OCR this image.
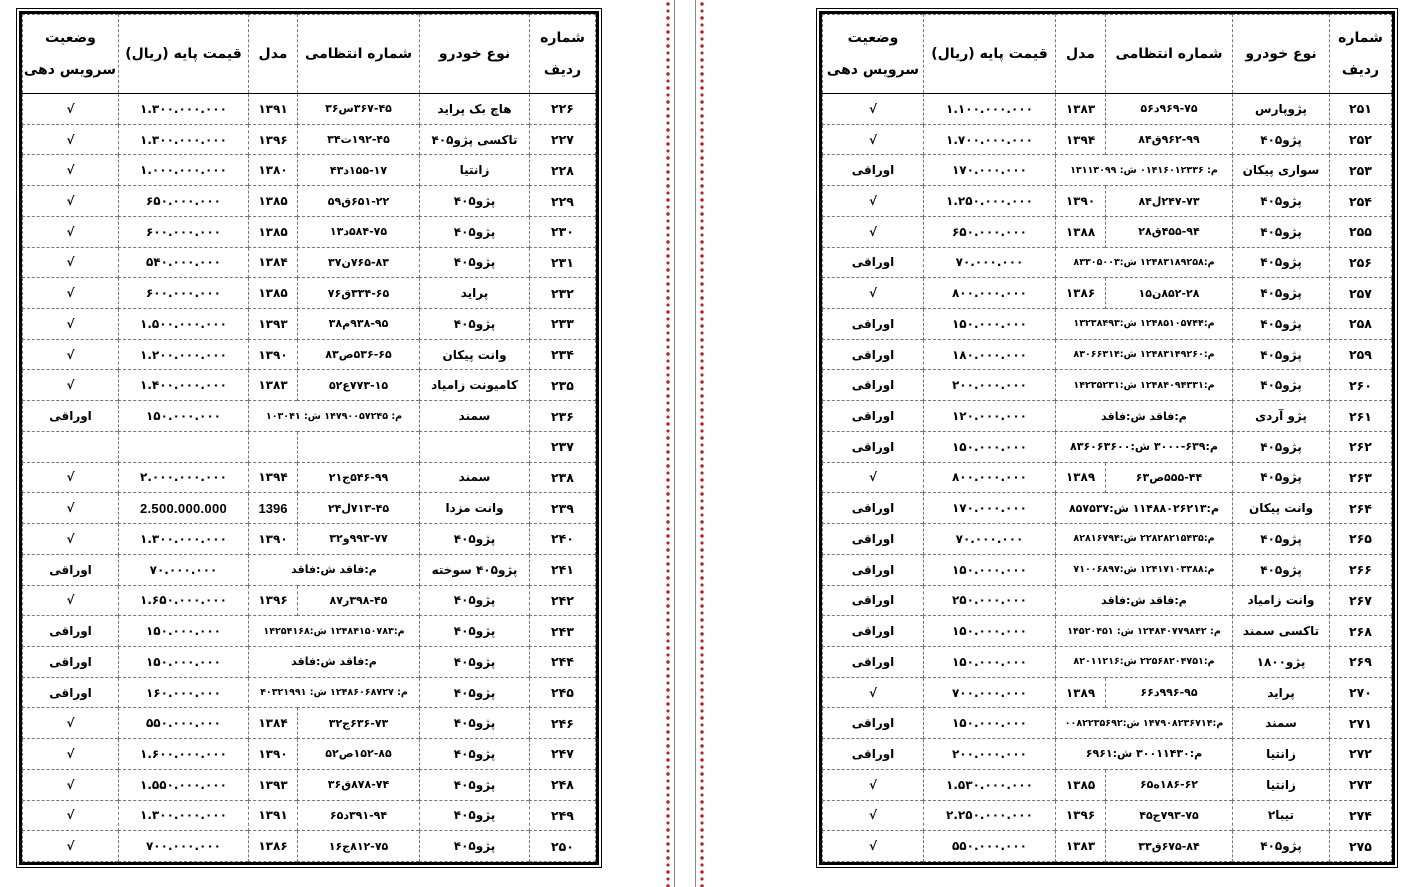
شماره
ردیف	نوع خودرو	شماره انتظامی	مدل	قیمت پایه (ریال)	وضعیت
سرویس دهی

۲۲۶	هاچ بک پراید	۳۶۷-۴۵س۳۶	۱۳۹۱	۱.۳۰۰.۰۰۰.۰۰۰	√
۲۲۷	تاکسی پژو۴۰۵	۱۹۲-۴۵ت۳۴	۱۳۹۶	۱.۳۰۰.۰۰۰.۰۰۰	√
۲۲۸	زانتیا	۱۵۵-۱۷د۴۳	۱۳۸۰	۱.۰۰۰.۰۰۰.۰۰۰	√
۲۲۹	پژو۴۰۵	۶۵۱-۲۲ق۵۹	۱۳۸۵	۶۵۰.۰۰۰.۰۰۰	√
۲۳۰	پژو۴۰۵	۵۸۴-۷۵د۱۳	۱۳۸۵	۶۰۰.۰۰۰.۰۰۰	√
۲۳۱	پژو۴۰۵	۷۶۵-۸۳ن۳۷	۱۳۸۴	۵۴۰.۰۰۰.۰۰۰	√
۲۳۲	پراید	۳۳۴-۶۵ق۷۶	۱۳۸۵	۶۰۰.۰۰۰.۰۰۰	√
۲۳۳	پژو۴۰۵	۹۳۸-۹۵م۳۸	۱۳۹۳	۱.۵۰۰.۰۰۰.۰۰۰	√
۲۳۴	وانت پیکان	۵۳۶-۶۵ص۸۳	۱۳۹۰	۱.۲۰۰.۰۰۰.۰۰۰	√
۲۳۵	کامیونت زامیاد	۷۷۳-۱۵ع۵۲	۱۳۸۳	۱.۴۰۰.۰۰۰.۰۰۰	√
۲۳۶	سمند	م: ۱۴۷۹۰۰۵۷۲۴۵ ش: ۱۰۳۰۴۱		۱۵۰.۰۰۰.۰۰۰	اوراقی
۲۳۷					
۲۳۸	سمند	۵۴۶-۹۹ج۲۱	۱۳۹۴	۲.۰۰۰.۰۰۰.۰۰۰	√
۲۳۹	وانت مزدا	۷۱۳-۴۵ل۲۴	1396	2.500.000.000	√
۲۴۰	پژو۴۰۵	۹۹۳-۷۷و۳۲	۱۳۹۰	۱.۳۰۰.۰۰۰.۰۰۰	√
۲۴۱	پژو۴۰۵ سوخته	م:فاقد ش:فاقد		۷۰.۰۰۰.۰۰۰	اوراقی
۲۴۲	پژو۴۰۵	۳۹۸-۴۵ر۸۷	۱۳۹۶	۱.۶۵۰.۰۰۰.۰۰۰	√
۲۴۳	پژو۴۰۵	م:۱۲۴۸۴۱۵۰۷۸۳ ش:۱۴۲۵۴۱۶۸		۱۵۰.۰۰۰.۰۰۰	اوراقی
۲۴۴	پژو۴۰۵	م:فاقد ش:فاقد		۱۵۰.۰۰۰.۰۰۰	اوراقی
۲۴۵	پژو۴۰۵	م: ۱۲۴۸۶۰۶۸۷۲۷ ش: ۴۰۳۲۱۹۹۱		۱۶۰.۰۰۰.۰۰۰	اوراقی
۲۴۶	پژو۴۰۵	۶۳۶-۷۳ج۳۲	۱۳۸۴	۵۵۰.۰۰۰.۰۰۰	√
۲۴۷	پژو۴۰۵	۱۵۲-۸۵ص۵۲	۱۳۹۰	۱.۶۰۰.۰۰۰.۰۰۰	√
۲۴۸	پژو۴۰۵	۸۷۸-۷۴ق۳۶	۱۳۹۳	۱.۵۵۰.۰۰۰.۰۰۰	√
۲۴۹	پژو۴۰۵	۳۹۱-۹۴د۶۵	۱۳۹۱	۱.۳۰۰.۰۰۰.۰۰۰	√
۲۵۰	پژو۴۰۵	۸۱۲-۷۵ج۱۶	۱۳۸۶	۷۰۰.۰۰۰.۰۰۰	√
شماره
ردیف	نوع خودرو	شماره انتظامی	مدل	قیمت پایه (ریال)	وضعیت
سرویس دهی

۲۵۱	پژوپارس	۹۶۹-۷۵د۵۶	۱۳۸۳	۱.۱۰۰.۰۰۰.۰۰۰	√
۲۵۲	پژو۴۰۵	۹۶۲-۹۹ق۸۴	۱۳۹۴	۱.۷۰۰.۰۰۰.۰۰۰	√
۲۵۳	سواری پیکان	م: ۰۱۴۱۶۰۱۲۳۳۶ ش: ۱۳۱۱۳۰۹۹		۱۷۰.۰۰۰.۰۰۰	اوراقی
۲۵۴	پژو۴۰۵	۲۴۷-۷۳ل۸۴	۱۳۹۰	۱.۲۵۰.۰۰۰.۰۰۰	√
۲۵۵	پژو۴۰۵	۴۵۵-۹۴ق۲۸	۱۳۸۸	۶۵۰.۰۰۰.۰۰۰	√
۲۵۶	پژو۴۰۵	م:۱۲۴۸۳۱۸۹۲۵۸ ش:۸۳۳۰۵۰۰۳		۷۰.۰۰۰.۰۰۰	اوراقی
۲۵۷	پژو۴۰۵	۸۵۲-۲۸ن۱۵	۱۳۸۶	۸۰۰.۰۰۰.۰۰۰	√
۲۵۸	پژو۴۰۵	م:۱۲۴۸۵۱۰۵۷۴۴ ش:۱۳۲۳۸۴۹۳		۱۵۰.۰۰۰.۰۰۰	اوراقی
۲۵۹	پژو۴۰۵	م:۱۲۴۸۳۱۴۹۲۶۰ ش:۸۳۰۶۶۳۱۴		۱۸۰.۰۰۰.۰۰۰	اوراقی
۲۶۰	پژو۴۰۵	م:۱۲۴۸۴۰۹۴۳۳۱ ش:۱۴۲۳۵۲۳۱		۲۰۰.۰۰۰.۰۰۰	اوراقی
۲۶۱	پژو آردی	م:فاقد ش:فاقد		۱۲۰.۰۰۰.۰۰۰	اوراقی
۲۶۲	پژو۴۰۵	م:۶۳۹-۳۰۰۰ ش:۸۳۶۰۶۳۶۰۰		۱۵۰.۰۰۰.۰۰۰	اوراقی
۲۶۳	پژو۴۰۵	۵۵۵-۴۴ص۶۳	۱۳۸۹	۸۰۰.۰۰۰.۰۰۰	√
۲۶۴	وانت پیکان	م:۱۱۴۸۸۰۲۶۲۱۳ ش:۸۵۷۵۳۷		۱۷۰.۰۰۰.۰۰۰	اوراقی
۲۶۵	پژو۴۰۵	م:۲۲۸۲۸۲۱۵۴۳۵ ش:۸۲۸۱۶۷۹۴		۷۰.۰۰۰.۰۰۰	اوراقی
۲۶۶	پژو۴۰۵	م:۱۲۴۱۷۱۰۳۳۸۸ ش:۷۱۰۰۶۸۹۷		۱۵۰.۰۰۰.۰۰۰	اوراقی
۲۶۷	وانت زامیاد	م:فاقد ش:فاقد		۲۵۰.۰۰۰.۰۰۰	اوراقی
۲۶۸	تاکسی سمند	م: ۱۲۴۸۴۰۷۷۹۸۴۲ ش: ۱۴۵۲۰۴۵۱		۱۵۰.۰۰۰.۰۰۰	اوراقی
۲۶۹	پژو۱۸۰۰	م:۲۲۵۶۸۲۰۴۷۵۱ ش:۸۲۰۱۱۲۱۶		۱۵۰.۰۰۰.۰۰۰	اوراقی
۲۷۰	پراید	۹۹۶-۹۵د۶۶	۱۳۸۹	۷۰۰.۰۰۰.۰۰۰	√
۲۷۱	سمند	م:۱۴۷۹۰۸۲۳۶۷۱۴ ش:۰۰۸۲۲۳۵۶۹۲		۱۵۰.۰۰۰.۰۰۰	اوراقی
۲۷۲	زانتیا	م:۳۰۰۱۱۴۳۰ ش:۶۹۶۱		۲۰۰.۰۰۰.۰۰۰	اوراقی
۲۷۳	زانتیا	۱۸۶-۶۲ه۶۵	۱۳۸۵	۱.۵۳۰.۰۰۰.۰۰۰	√
۲۷۴	تیبا۲	۷۹۳-۷۵ج۴۵	۱۳۹۶	۲.۲۵۰.۰۰۰.۰۰۰	√
۲۷۵	پژو۴۰۵	۶۷۵-۸۴ق۳۳	۱۳۸۳	۵۵۰.۰۰۰.۰۰۰	√
